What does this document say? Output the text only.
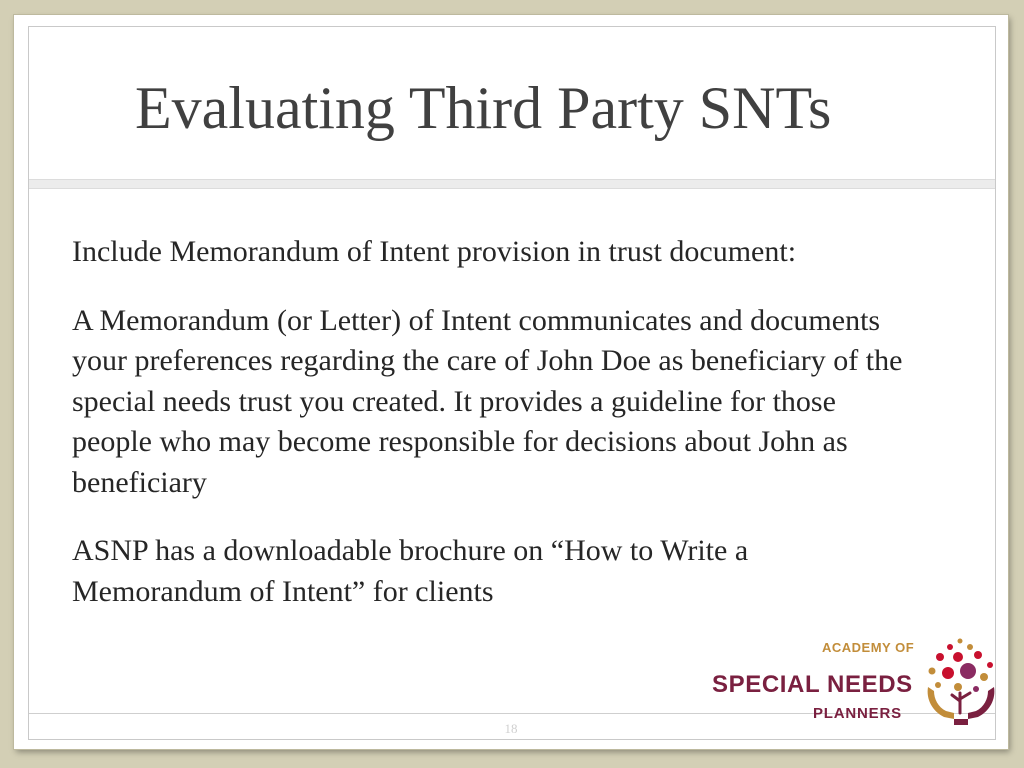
Evaluating Third Party SNTs

Include Memorandum of Intent provision in trust document:

A Memorandum (or Letter) of Intent communicates and documents your preferences regarding the care of John Doe as beneficiary of the special needs trust you created. It provides a guideline for those people who may become responsible for decisions about John as beneficiary

ASNP has a downloadable brochure on “How to Write a Memorandum of Intent” for clients

18
ACADEMY OF
SPECIAL NEEDS
PLANNERS
